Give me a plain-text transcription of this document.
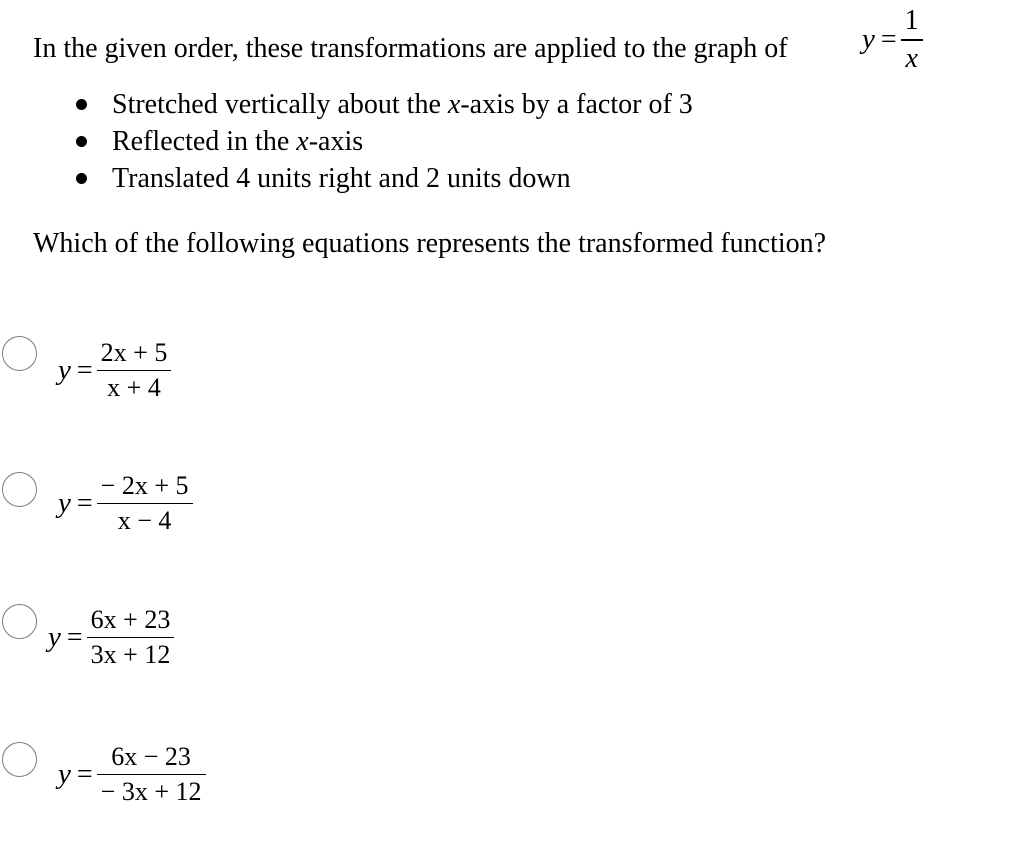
In the given order, these transformations are applied to the graph of	$y = \frac{1}{x}$
Stretched vertically about the x-axis by a factor of 3
Reflected in the x-axis
Translated 4 units right and 2 units down
Which of the following equations represents the transformed function?
$y = \frac{2x + 5}{x + 4}$
$y = \frac{- 2x + 5}{x - 4}$
$y = \frac{6x + 23}{3x + 12}$
$y = \frac{6x - 23}{- 3x + 12}$
